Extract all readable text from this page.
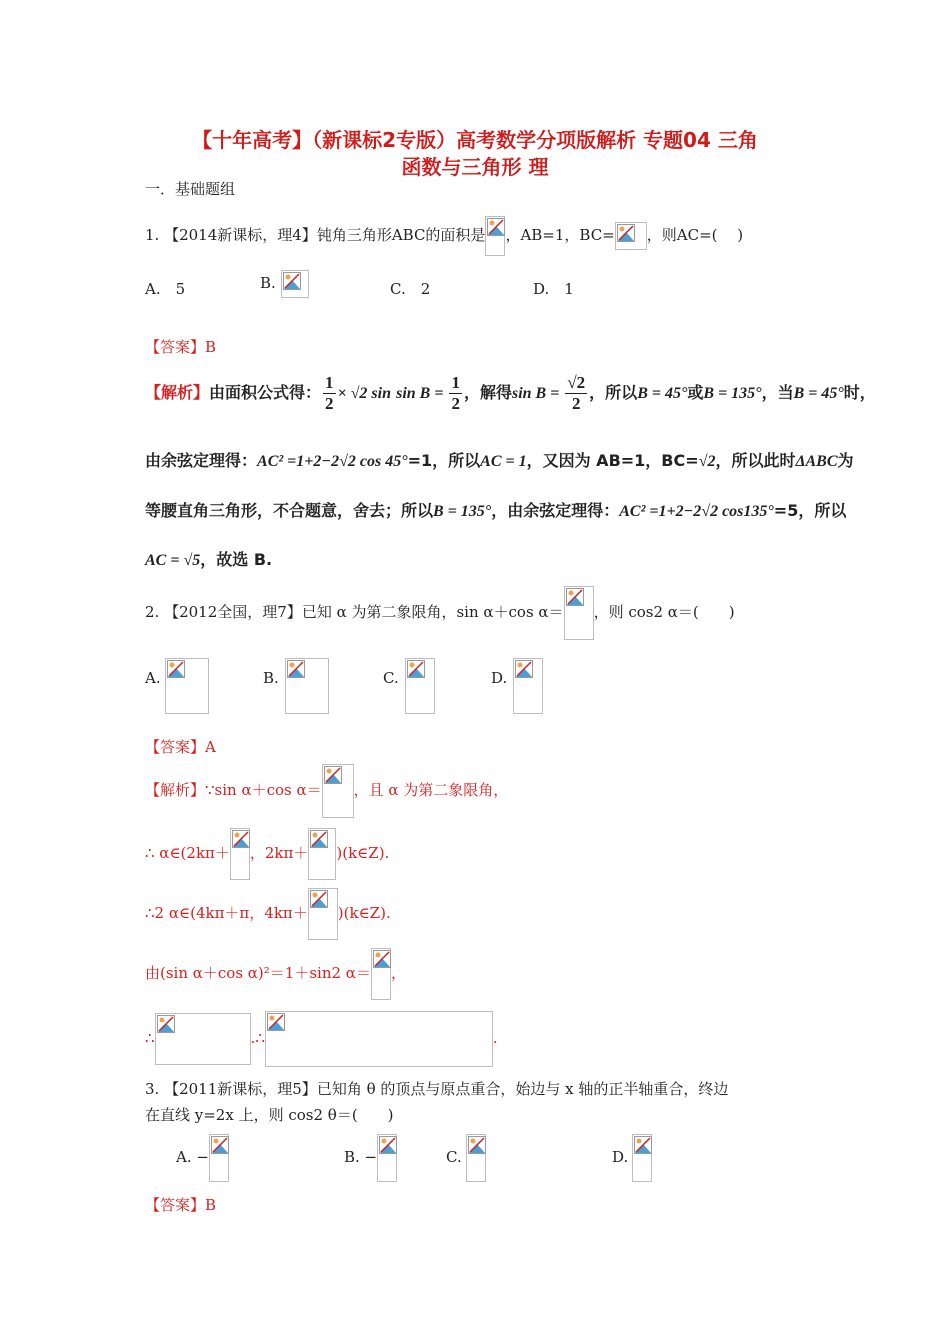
【十年高考】（新课标2专版）高考数学分项版解析 专题04 三角
函数与三角形 理
一．基础题组
1. 【2014新课标，理4】钝角三角形ABC的面积是 ，AB=1，BC= ，则AC=(　 )
A.　5	B.	C.　2	D.　1
【答案】B
【解析】由面积公式得： $\frac{1}{2} \times √2$ $\sin \sin B = \frac{1}{2}$ ，解得$\sin B = \frac{√2}{2}$ ，所以B = 45°或B = 135°，当B = 45°时，
由余弦定理得：AC² =1+2−2√2 cos 45°=1，所以AC = 1，又因为 AB=1，BC=√2，所以此时ΔABC为
等腰直角三角形，不合题意，舍去；所以B = 135°，由余弦定理得：AC² =1+2−2√2 cos135°=5，所以
AC = √5，故选 B.
2. 【2012全国，理7】已知 α 为第二象限角，sin α＋cos α＝ ，则 cos2 α＝(　　)
A.	B.	C.	D.
【答案】A
【解析】∵sin α＋cos α＝ ，且 α 为第二象限角，
∴ α∈(2kπ＋ ，2kπ＋ )(k∈Z).
∴2 α∈(4kπ＋π，4kπ＋ )(k∈Z).
由(sin α＋cos α)²＝1＋sin2 α＝ ，
∴	.∴	.
3. 【2011新课标，理5】已知角 θ 的顶点与原点重合，始边与 x 轴的正半轴重合，终边
在直线 y=2x 上，则 cos2 θ＝(　　)
A. −	B. −	C.	D.
【答案】B
